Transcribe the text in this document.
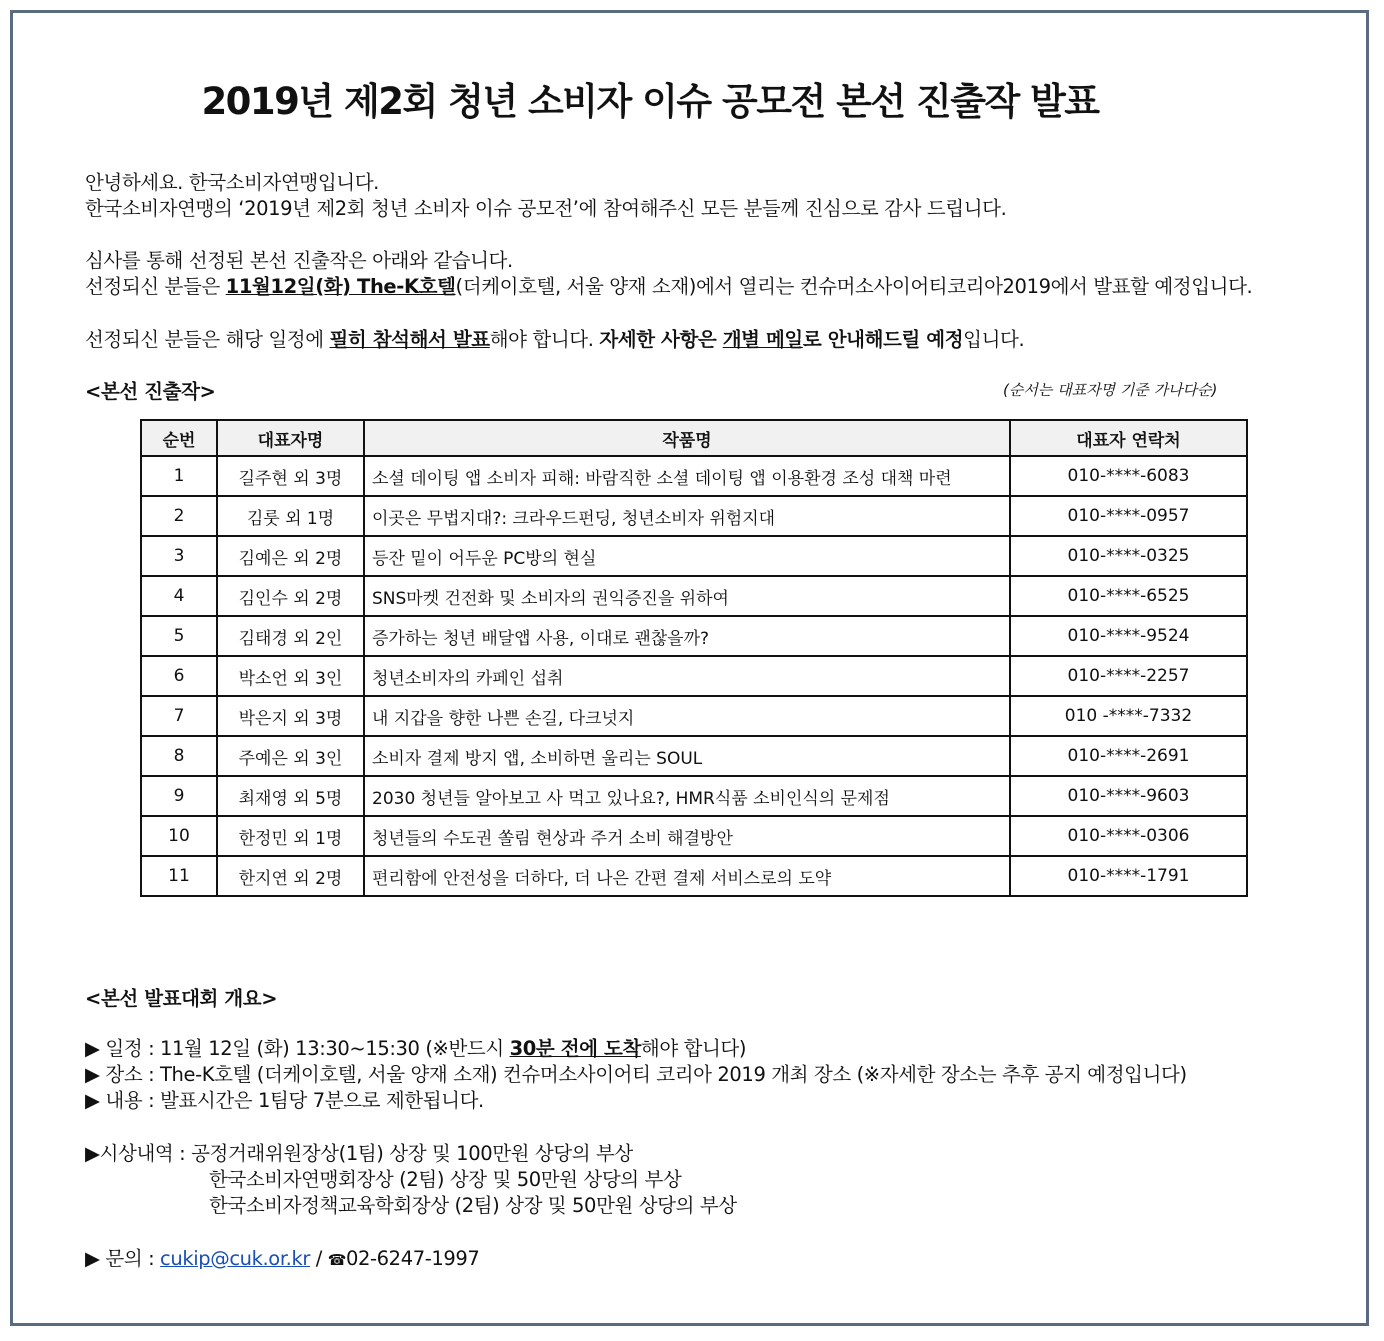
2019년 제2회 청년 소비자 이슈 공모전 본선 진출작 발표
안녕하세요. 한국소비자연맹입니다.
한국소비자연맹의 ‘2019년 제2회 청년 소비자 이슈 공모전’에 참여해주신 모든 분들께 진심으로 감사 드립니다.
심사를 통해 선정된 본선 진출작은 아래와 같습니다.
선정되신 분들은 11월12일(화) The-K호텔(더케이호텔, 서울 양재 소재)에서 열리는 컨슈머소사이어티코리아2019에서 발표할 예정입니다.
선정되신 분들은 해당 일정에 필히 참석해서 발표해야 합니다. 자세한 사항은 개별 메일로 안내해드릴 예정입니다.
<본선 진출작>	(순서는 대표자명 기준 가나다순)
순번	대표자명	작품명	대표자 연락처
1	길주현 외 3명	소셜 데이팅 앱 소비자 피해: 바람직한 소셜 데이팅 앱 이용환경 조성 대책 마련	010-****-6083
2	김룻 외 1명	이곳은 무법지대?: 크라우드펀딩, 청년소비자 위험지대	010-****-0957
3	김예은 외 2명	등잔 밑이 어두운 PC방의 현실	010-****-0325
4	김인수 외 2명	SNS마켓 건전화 및 소비자의 권익증진을 위하여	010-****-6525
5	김태경 외 2인	증가하는 청년 배달앱 사용, 이대로 괜찮을까?	010-****-9524
6	박소언 외 3인	청년소비자의 카페인 섭취	010-****-2257
7	박은지 외 3명	내 지갑을 향한 나쁜 손길, 다크넛지	010 -****-7332
8	주예은 외 3인	소비자 결제 방지 앱, 소비하면 울리는 SOUL	010-****-2691
9	최재영 외 5명	2030 청년들 알아보고 사 먹고 있나요?, HMR식품 소비인식의 문제점	010-****-9603
10	한정민 외 1명	청년들의 수도권 쏠림 현상과 주거 소비 해결방안	010-****-0306
11	한지연 외 2명	편리함에 안전성을 더하다, 더 나은 간편 결제 서비스로의 도약	010-****-1791
<본선 발표대회 개요>
▶ 일정 : 11월 12일 (화) 13:30~15:30 (※반드시 30분 전에 도착해야 합니다)
▶ 장소 : The-K호텔 (더케이호텔, 서울 양재 소재) 컨슈머소사이어티 코리아 2019 개최 장소 (※자세한 장소는 추후 공지 예정입니다)
▶ 내용 : 발표시간은 1팀당 7분으로 제한됩니다.
▶시상내역 : 공정거래위원장상(1팀) 상장 및 100만원 상당의 부상
한국소비자연맹회장상 (2팀) 상장 및 50만원 상당의 부상
한국소비자정책교육학회장상 (2팀) 상장 및 50만원 상당의 부상
▶ 문의 : cukip@cuk.or.kr / ☎02-6247-1997
